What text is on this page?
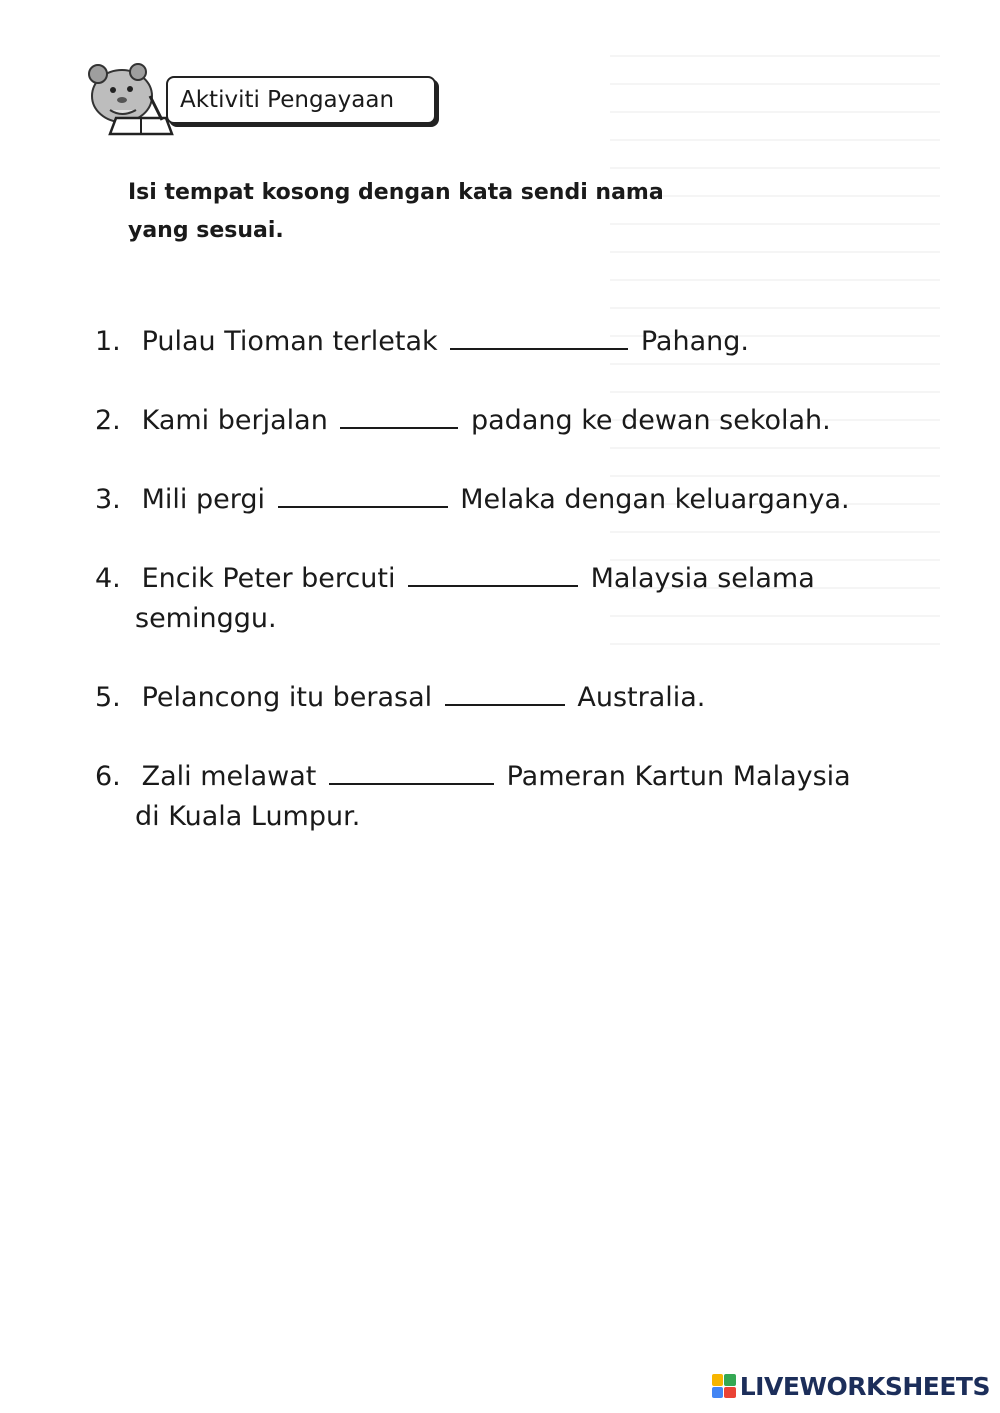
Aktiviti Pengayaan
Isi tempat kosong dengan kata sendi nama
yang sesuai.
1. Pulau Tioman terletak	Pahang.
2. Kami berjalan	padang ke dewan sekolah.
3. Mili pergi	Melaka dengan keluarganya.
4. Encik Peter bercuti	Malaysia selama
seminggu.
5. Pelancong itu berasal	Australia.
6. Zali melawat	Pameran Kartun Malaysia
di Kuala Lumpur.
LIVEWORKSHEETS
